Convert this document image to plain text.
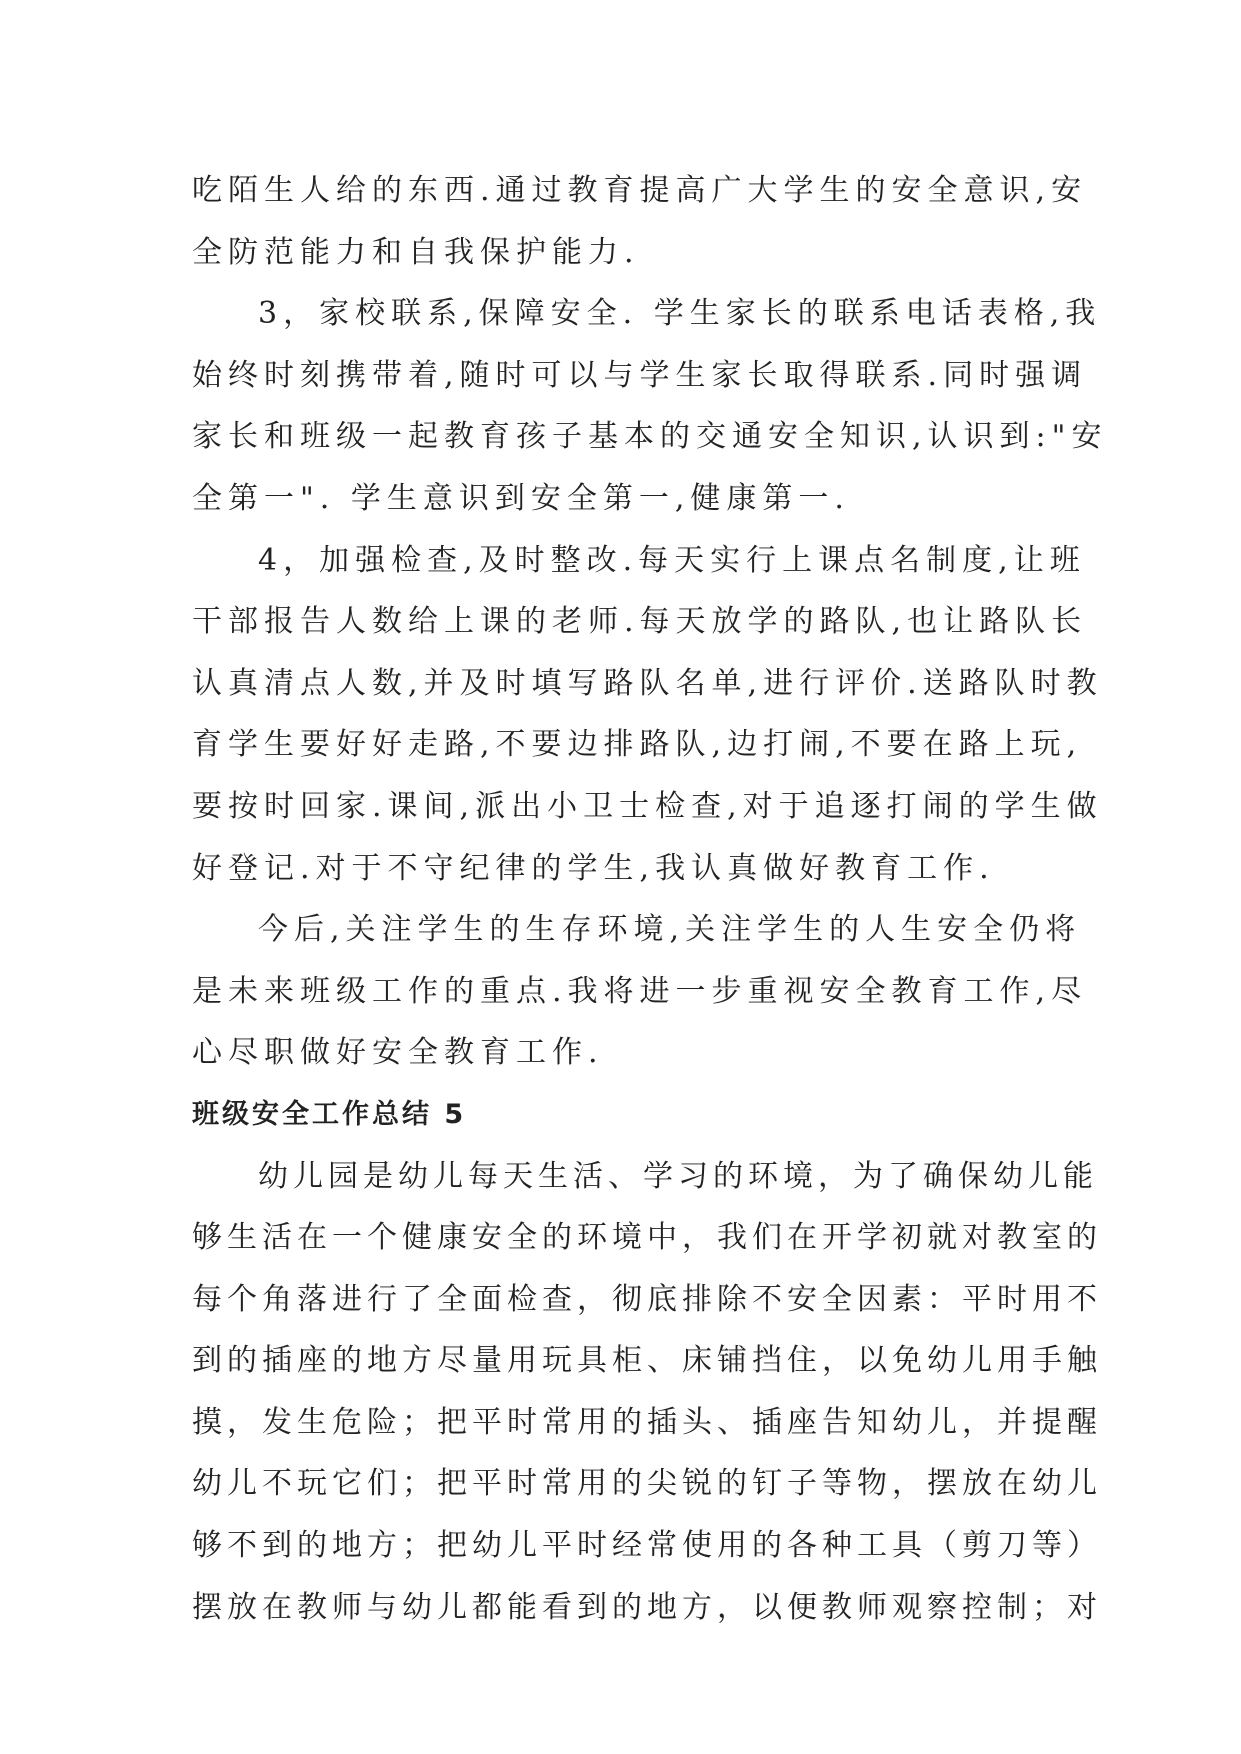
吃陌生人给的东西.通过教育提高广大学生的安全意识,安

全防范能力和自我保护能力.

3，家校联系,保障安全. 学生家长的联系电话表格,我

始终时刻携带着,随时可以与学生家长取得联系.同时强调

家长和班级一起教育孩子基本的交通安全知识,认识到:"安

全第一". 学生意识到安全第一,健康第一.

4，加强检查,及时整改.每天实行上课点名制度,让班

干部报告人数给上课的老师.每天放学的路队,也让路队长

认真清点人数,并及时填写路队名单,进行评价.送路队时教

育学生要好好走路,不要边排路队,边打闹,不要在路上玩,

要按时回家.课间,派出小卫士检查,对于追逐打闹的学生做

好登记.对于不守纪律的学生,我认真做好教育工作.

今后,关注学生的生存环境,关注学生的人生安全仍将

是未来班级工作的重点.我将进一步重视安全教育工作,尽

心尽职做好安全教育工作.

班级安全工作总结 5

幼儿园是幼儿每天生活、学习的环境，为了确保幼儿能

够生活在一个健康安全的环境中，我们在开学初就对教室的

每个角落进行了全面检查，彻底排除不安全因素：平时用不

到的插座的地方尽量用玩具柜、床铺挡住，以免幼儿用手触

摸，发生危险；把平时常用的插头、插座告知幼儿，并提醒

幼儿不玩它们；把平时常用的尖锐的钉子等物，摆放在幼儿

够不到的地方；把幼儿平时经常使用的各种工具（剪刀等）

摆放在教师与幼儿都能看到的地方，以便教师观察控制；对
